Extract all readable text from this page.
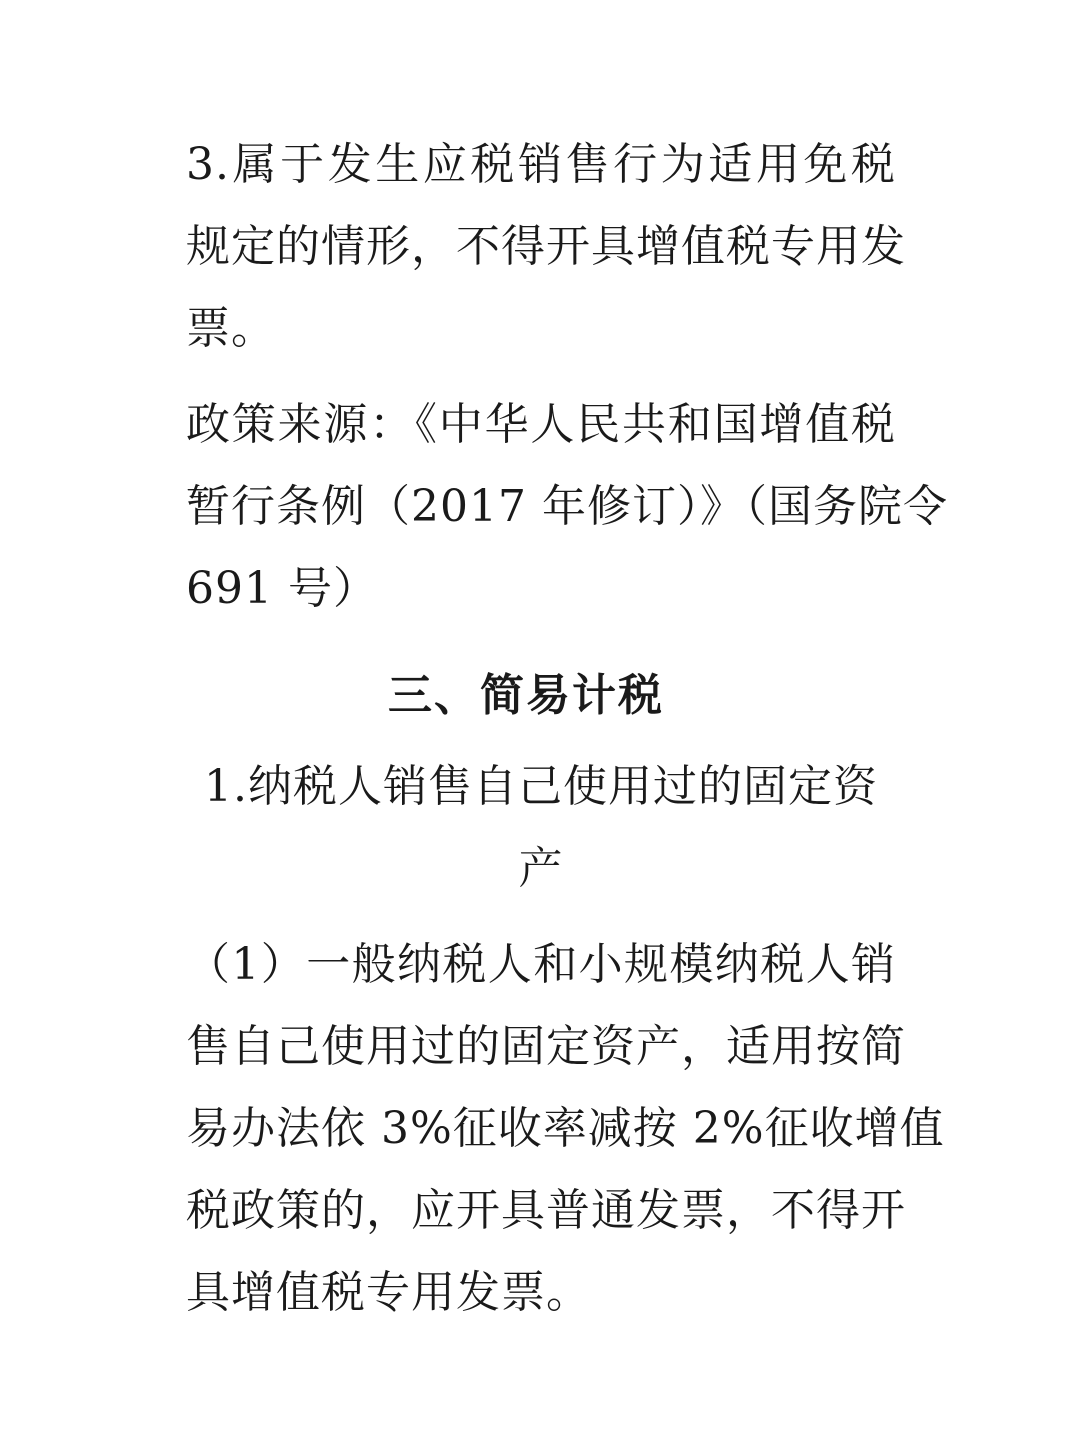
3.属于发生应税销售行为适用免税
规定的情形，不得开具增值税专用发
票。
政策来源：《中华人民共和国增值税
暂行条例（2017 年修订）》（国务院令
691 号）
三、简易计税
1.纳税人销售自己使用过的固定资
产
（1）一般纳税人和小规模纳税人销
售自己使用过的固定资产，适用按简
易办法依 3%征收率减按 2%征收增值
税政策的，应开具普通发票，不得开
具增值税专用发票。
